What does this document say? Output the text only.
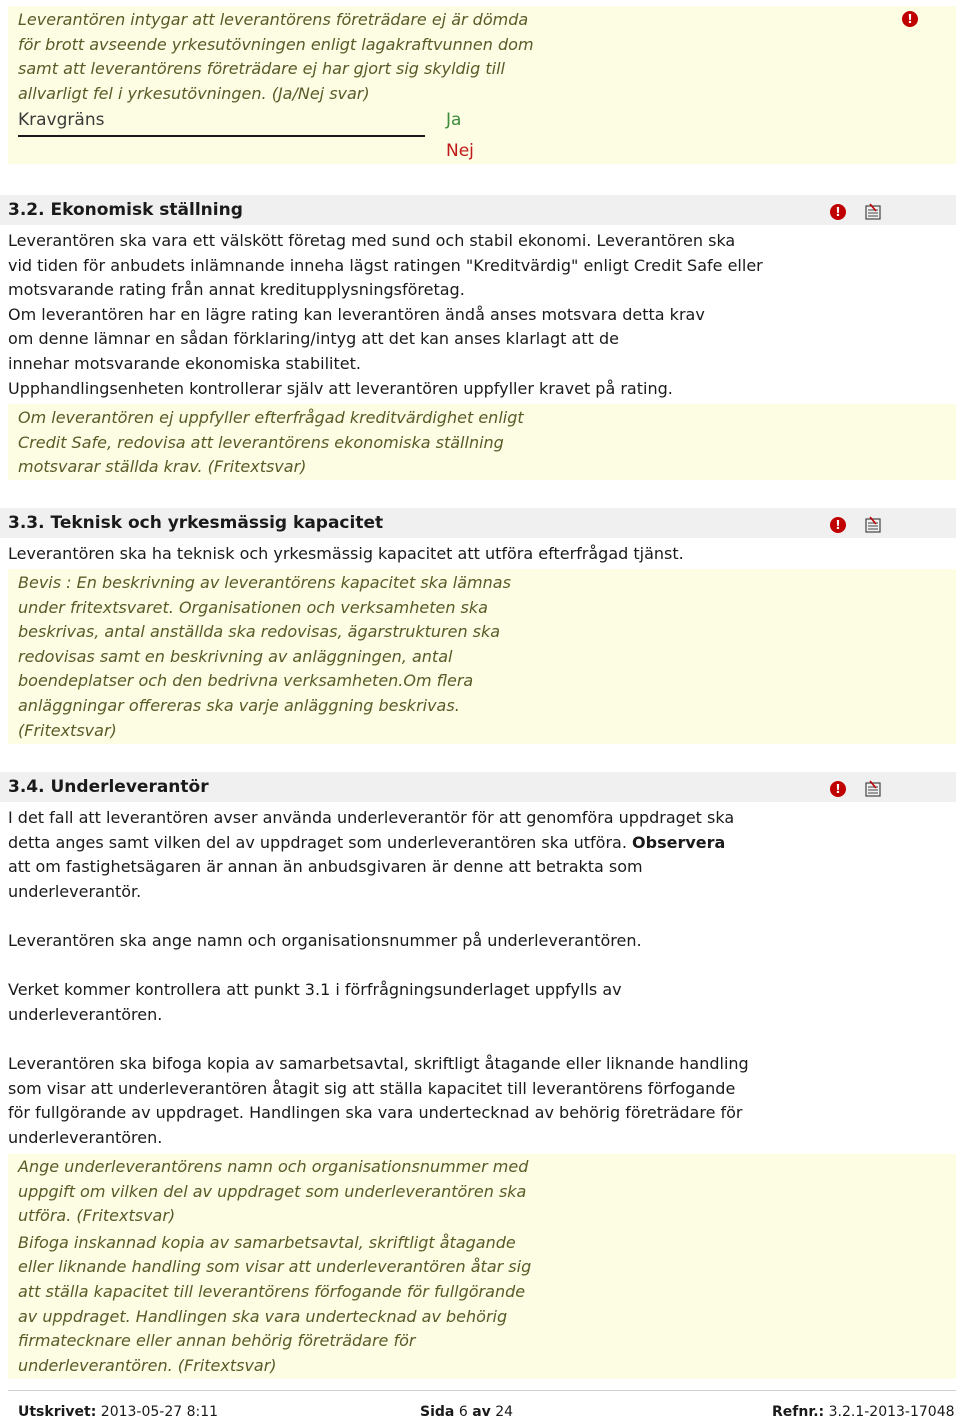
Leverantören intygar att leverantörens företrädare ej är dömda
för brott avseende yrkesutövningen enligt lagakraftvunnen dom
samt att leverantörens företrädare ej har gjort sig skyldig till
allvarligt fel i yrkesutövningen. (Ja/Nej svar)
Kravgräns	Ja
Nej
!
3.2. Ekonomisk ställning	!
Leverantören ska vara ett välskött företag med sund och stabil ekonomi. Leverantören ska
vid tiden för anbudets inlämnande inneha lägst ratingen "Kreditvärdig" enligt Credit Safe eller
motsvarande rating från annat kreditupplysningsföretag.
Om leverantören har en lägre rating kan leverantören ändå anses motsvara detta krav
om denne lämnar en sådan förklaring/intyg att det kan anses klarlagt att de
innehar motsvarande ekonomiska stabilitet.
Upphandlingsenheten kontrollerar själv att leverantören uppfyller kravet på rating.
Om leverantören ej uppfyller efterfrågad kreditvärdighet enligt
Credit Safe, redovisa att leverantörens ekonomiska ställning
motsvarar ställda krav. (Fritextsvar)
3.3. Teknisk och yrkesmässig kapacitet	!
Leverantören ska ha teknisk och yrkesmässig kapacitet att utföra efterfrågad tjänst.
Bevis : En beskrivning av leverantörens kapacitet ska lämnas
under fritextsvaret. Organisationen och verksamheten ska
beskrivas, antal anställda ska redovisas, ägarstrukturen ska
redovisas samt en beskrivning av anläggningen, antal
boendeplatser och den bedrivna verksamheten.Om flera
anläggningar offereras ska varje anläggning beskrivas.
(Fritextsvar)
3.4. Underleverantör	!
I det fall att leverantören avser använda underleverantör för att genomföra uppdraget ska
detta anges samt vilken del av uppdraget som underleverantören ska utföra. Observera
att om fastighetsägaren är annan än anbudsgivaren är denne att betrakta som
underleverantör.
Leverantören ska ange namn och organisationsnummer på underleverantören.
Verket kommer kontrollera att punkt 3.1 i förfrågningsunderlaget uppfylls av
underleverantören.
Leverantören ska bifoga kopia av samarbetsavtal, skriftligt åtagande eller liknande handling
som visar att underleverantören åtagit sig att ställa kapacitet till leverantörens förfogande
för fullgörande av uppdraget. Handlingen ska vara undertecknad av behörig företrädare för
underleverantören.
Ange underleverantörens namn och organisationsnummer med
uppgift om vilken del av uppdraget som underleverantören ska
utföra. (Fritextsvar)
Bifoga inskannad kopia av samarbetsavtal, skriftligt åtagande
eller liknande handling som visar att underleverantören åtar sig
att ställa kapacitet till leverantörens förfogande för fullgörande
av uppdraget. Handlingen ska vara undertecknad av behörig
firmatecknare eller annan behörig företrädare för
underleverantören. (Fritextsvar)
Utskrivet: 2013-05-27 8:11	Sida 6 av 24	Refnr.: 3.2.1-2013-17048
